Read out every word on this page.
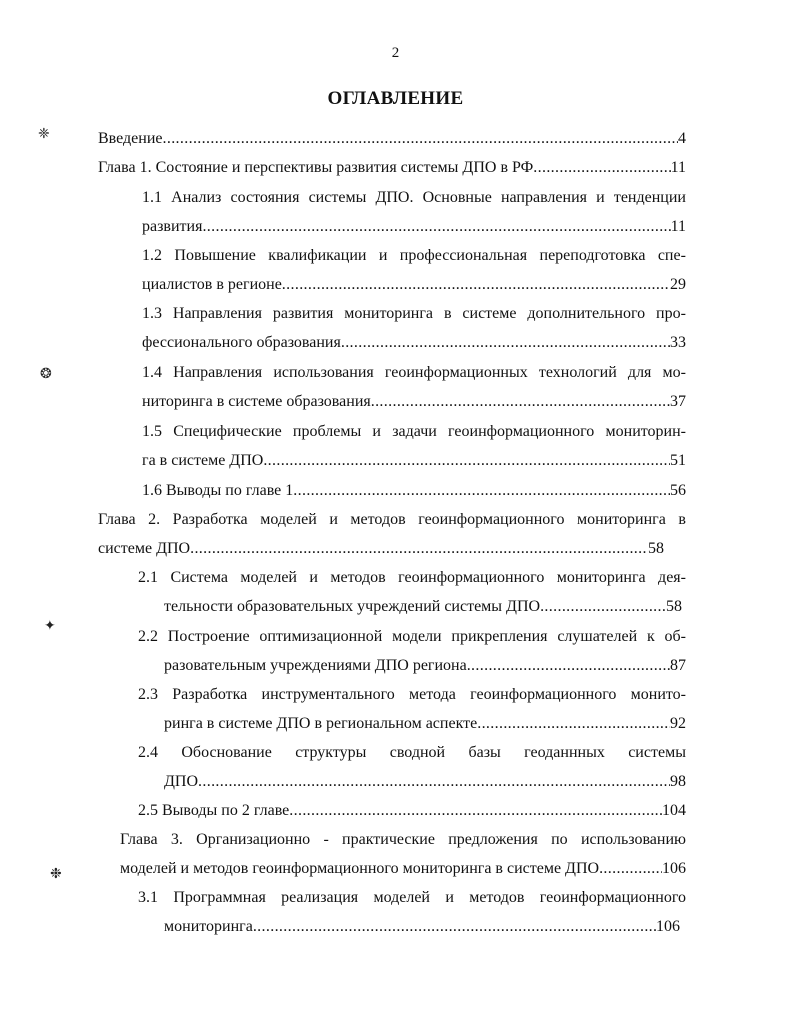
2
ОГЛАВЛЕНИЕ
Введение .....	4
Глава 1. Состояние и перспективы развития системы ДПО в РФ .....	11
1.1 Анализ состояния системы ДПО. Основные направления и тенденции
развития .....	11
1.2 Повышение квалификации и профессиональная переподготовка спе-
циалистов в регионе .....	29
1.3 Направления развития мониторинга в системе дополнительного про-
фессионального образования .....	33
1.4 Направления использования геоинформационных технологий для мо-
ниторинга в системе образования .....	37
1.5 Специфические проблемы и задачи геоинформационного мониторин-
га в системе ДПО .....	51
1.6 Выводы по главе 1 .....	56
Глава 2. Разработка моделей и методов геоинформационного мониторинга в
системе ДПО .....	58
2.1 Система моделей и методов геоинформационного мониторинга дея-
тельности образовательных учреждений системы ДПО .....	58
2.2 Построение оптимизационной модели прикрепления слушателей к об-
разовательным учреждениями ДПО региона .....	87
2.3 Разработка инструментального метода геоинформационного монито-
ринга в системе ДПО в региональном аспекте .....	92
2.4 Обоснование структуры сводной базы геоданнных системы
ДПО .....	98
2.5 Выводы по 2 главе .....	104
Глава 3. Организационно - практические предложения по использованию
моделей и методов геоинформационного мониторинга в системе ДПО .....	106
3.1 Программная реализация моделей и методов геоинформационного
мониторинга .....	106
❈
❂
✦
❉
